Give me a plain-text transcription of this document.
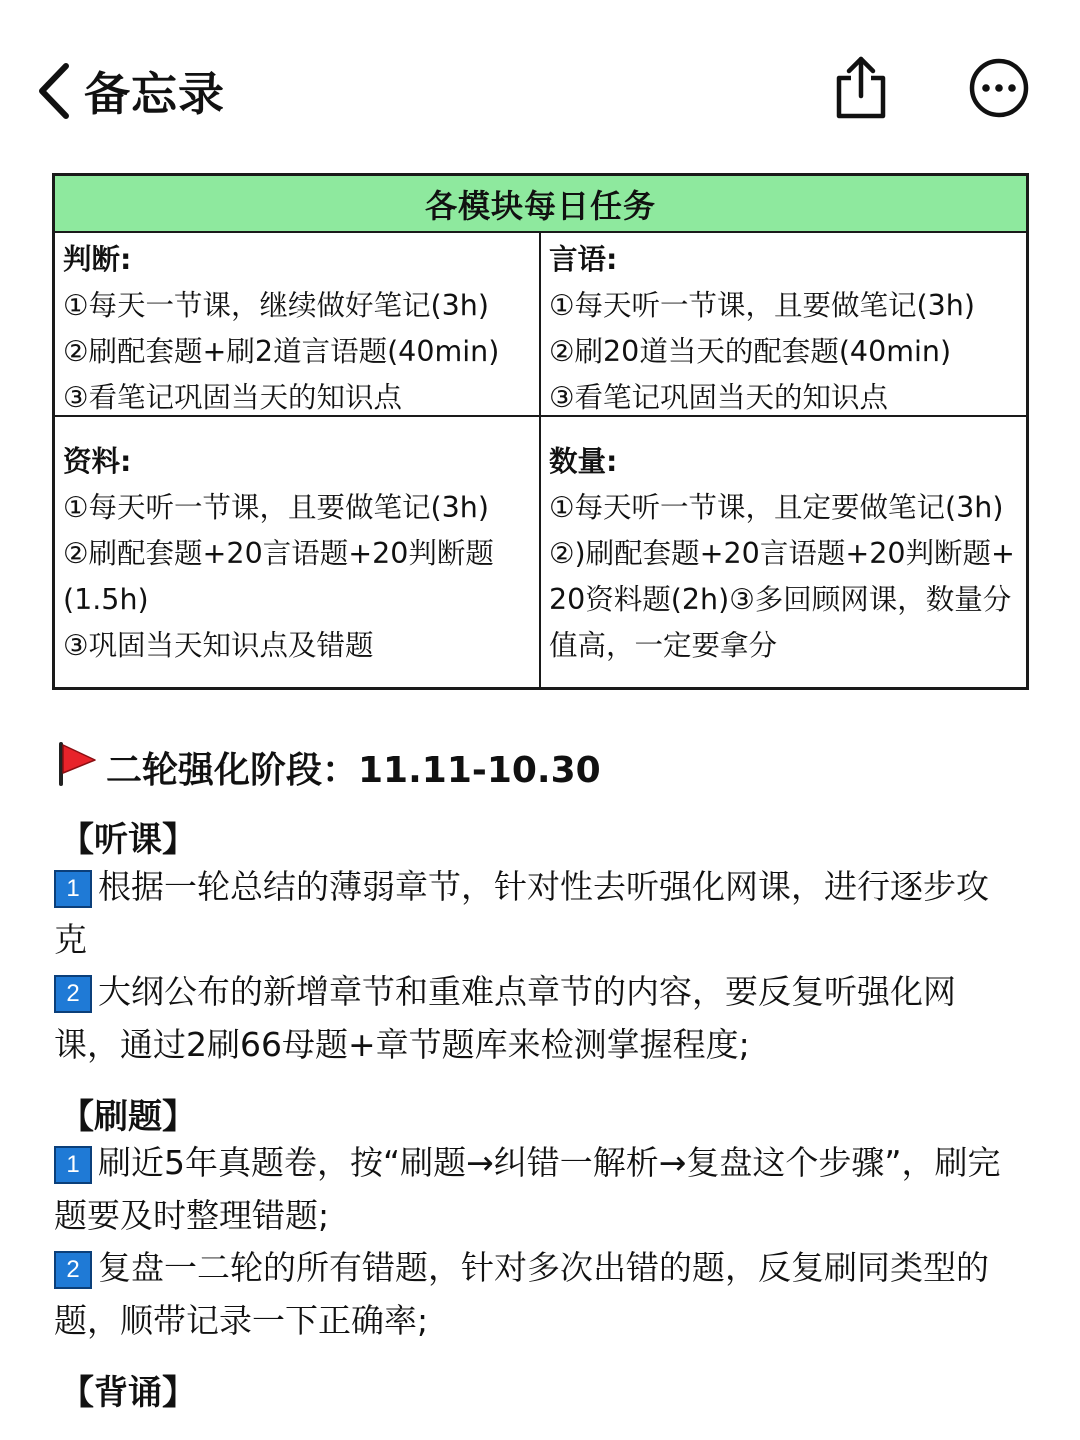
备忘录
各模块每日任务
判断:
①每天一节课，继续做好笔记(3h)
②刷配套题+刷2道言语题(40min)
③看笔记巩固当天的知识点
言语:
①每天听一节课，且要做笔记(3h)
②刷20道当天的配套题(40min)
③看笔记巩固当天的知识点
资料:
①每天听一节课，且要做笔记(3h)
②刷配套题+20言语题+20判断题
(1.5h)
③巩固当天知识点及错题
数量:
①每天听一节课，且定要做笔记(3h)②)刷配套题+20言语题+20判断题+20资料题(2h)③多回顾网课，数量分值高，一定要拿分
二轮强化阶段：11.11-10.30
【听课】
1 根据一轮总结的薄弱章节，针对性去听强化网课，进行逐步攻克
2 大纲公布的新增章节和重难点章节的内容，要反复听强化网课，通过2刷66母题+章节题库来检测掌握程度;
【刷题】
1 刷近5年真题卷，按“刷题→纠错一解析→复盘这个步骤”，刷完题要及时整理错题;
2 复盘一二轮的所有错题，针对多次出错的题，反复刷同类型的题，顺带记录一下正确率;
【背诵】
